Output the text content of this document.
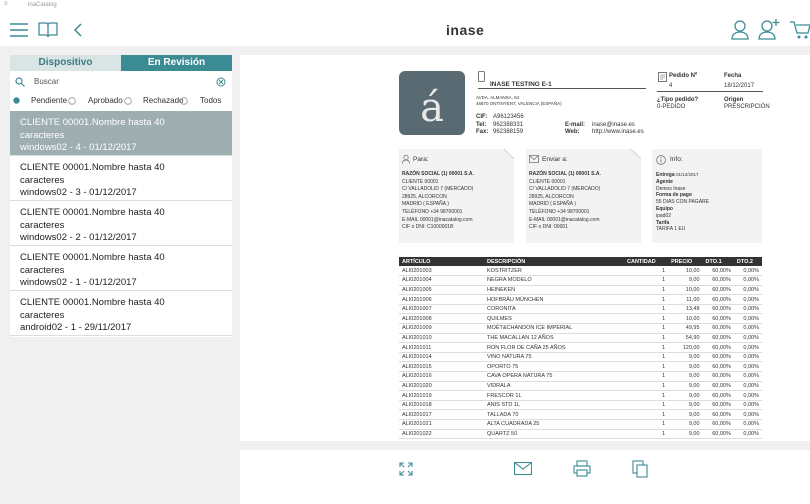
≡	inaCatalog
inase
Dispositivo	En Revisión
Buscar
Pendiente	Aprobado	Rechazado Todos
CLIENTE 00001.Nombre hasta 40
caracteres
windows02 - 4 - 01/12/2017
CLIENTE 00001.Nombre hasta 40
caracteres
windows02 - 3 - 01/12/2017
CLIENTE 00001.Nombre hasta 40
caracteres
windows02 - 2 - 01/12/2017
CLIENTE 00001.Nombre hasta 40
caracteres
windows02 - 1 - 01/12/2017
CLIENTE 00001.Nombre hasta 40
caracteres
android02 - 1 - 29/11/2017
á
INASE TESTING E-1
AVDA. ALMANSA, 64
46870 ONTINYENT, VALENCIA (ESPAÑA)
CIF: A96123456
Tel: 962388331
Fax: 962388159
E-mail: inase@inase.es
Web: http://www.inase.es
Pedido Nº
4
Fecha
18/12/2017
¿Tipo pedido?
0-PEDIDO
Origen
PRESCRIPCIÓN
Para:
RAZÓN SOCIAL (1) 00001 S.A.
CLIENTE 00001
C/ VALLADOLID 7 (MERCADO)
28925, ALCORCON
MADRID ( ESPAÑA )
TELÉFONO +34 98700001
E-MAIL 00001@inacatalog.com
CIF o DNI: C1000001B
Enviar a:
RAZÓN SOCIAL (1) 00001 S.A.
CLIENTE 00001
C/ VALLADOLID 7 (MERCADO)
28925, ALCORCON
MADRID ( ESPAÑA )
TELÉFONO +34 98700001
E-MAIL 00001@inacatalog.com
CIF o DNI: 00001
Info:
Entrega 01/12/2017
Agente
Demos Inase
Forma de pago
55 DIAS CON PAGARE
Equipo
ipad02
Tarifa
TARIFA 1 EU
ARTÍCULO	DESCRIPCIÓN	CANTIDAD	PRECIO	DTO.1	DTO.2
ALI0201003	KOSTRITZER	1	10,00	60,00%	0,00%
ALI0201004	NEGRA MODELO	1	9,00	60,00%	0,00%
ALI0201005	HEINEKEN	1	10,00	60,00%	0,00%
ALI0201006	HOFBRÄU MÜNCHEN	1	11,00	60,00%	0,00%
ALI0201007	CORONITA	1	13,48	60,00%	0,00%
ALI0201008	QUILMES	1	10,00	60,00%	0,00%
ALI0201009	MOËT&CHANDON ICE IMPERIAL	1	49,95	60,00%	0,00%
ALI0201010	THE MACALLAN 12 AÑOS	1	54,90	60,00%	0,00%
ALI0201011	RON FLOR DE CAÑA 25 AÑOS	1	120,00	60,00%	0,00%
ALI0201014	VINO NATURA 75	1	9,00	60,00%	0,00%
ALI0201015	OPORTO 75	1	9,00	60,00%	0,00%
ALI0201016	CAVA OPERA NATURA 75	1	9,00	60,00%	0,00%
ALI0201020	VIDRALA	1	9,00	60,00%	0,00%
ALI0201019	FRESCOR 1L	1	9,00	60,00%	0,00%
ALI0201018	ANIS STD 1L	1	9,00	60,00%	0,00%
ALI0201017	TALLADA 70	1	9,00	60,00%	0,00%
ALI0201021	ALTA CUADRADA 25	1	9,00	60,00%	0,00%
ALI0201022	QUARTZ 50	1	9,00	60,00%	0,00%
